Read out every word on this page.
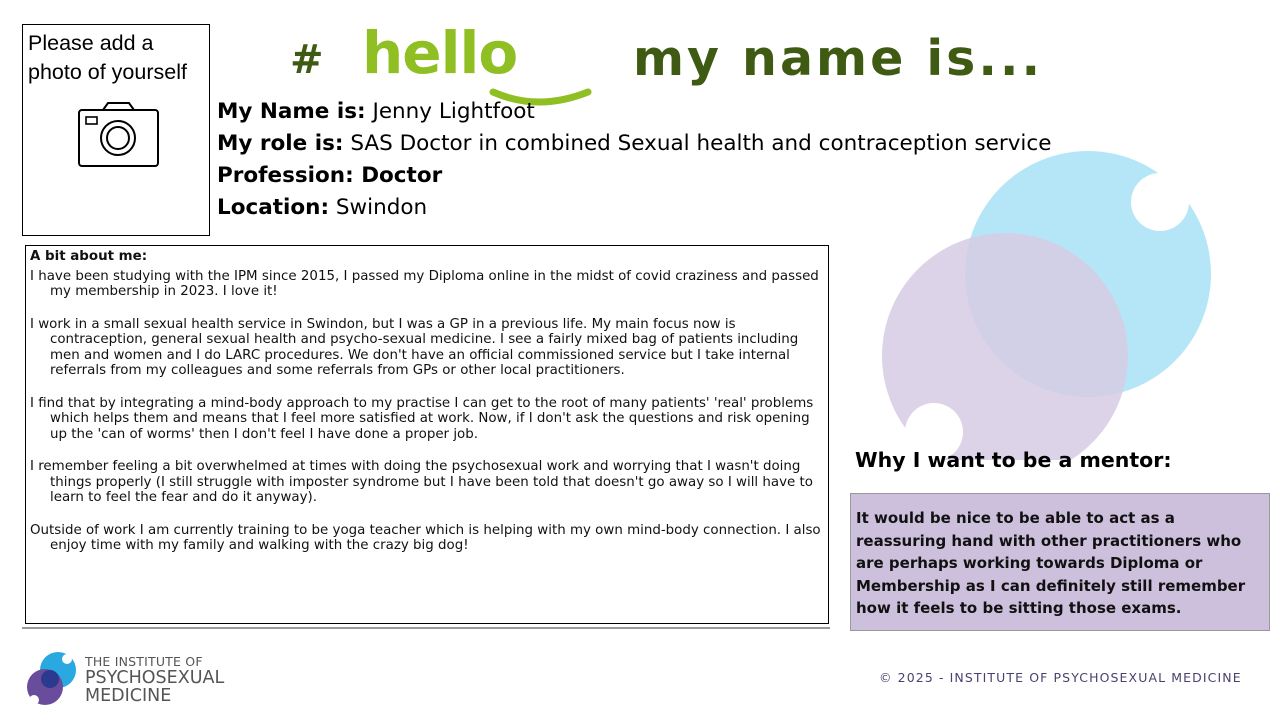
Please add a
photo of yourself	# hello my name is...
My Name is: Jenny Lightfoot
My role is: SAS Doctor in combined Sexual health and contraception service
Profession: Doctor
Location: Swindon
A bit about me:
I have been studying with the IPM since 2015, I passed my Diploma online in the midst of covid craziness and passed my membership in 2023. I love it!
I work in a small sexual health service in Swindon, but I was a GP in a previous life. My main focus now is contraception, general sexual health and psycho-sexual medicine. I see a fairly mixed bag of patients including men and women and I do LARC procedures. We don't have an official commissioned service but I take internal referrals from my colleagues and some referrals from GPs or other local practitioners.
I find that by integrating a mind-body approach to my practise I can get to the root of many patients' 'real' problems which helps them and means that I feel more satisfied at work. Now, if I don't ask the questions and risk opening up the 'can of worms' then I don't feel I have done a proper job.
I remember feeling a bit overwhelmed at times with doing the psychosexual work and worrying that I wasn't doing things properly (I still struggle with imposter syndrome but I have been told that doesn't go away so I will have to learn to feel the fear and do it anyway).
Outside of work I am currently training to be yoga teacher which is helping with my own mind-body connection. I also enjoy time with my family and walking with the crazy big dog!
Why I want to be a mentor:
It would be nice to be able to act as a reassuring hand with other practitioners who are perhaps working towards Diploma or Membership as I can definitely still remember how it feels to be sitting those exams.
THE INSTITUTE OF
PSYCHOSEXUAL
MEDICINE
© 2025 - INSTITUTE OF PSYCHOSEXUAL MEDICINE
